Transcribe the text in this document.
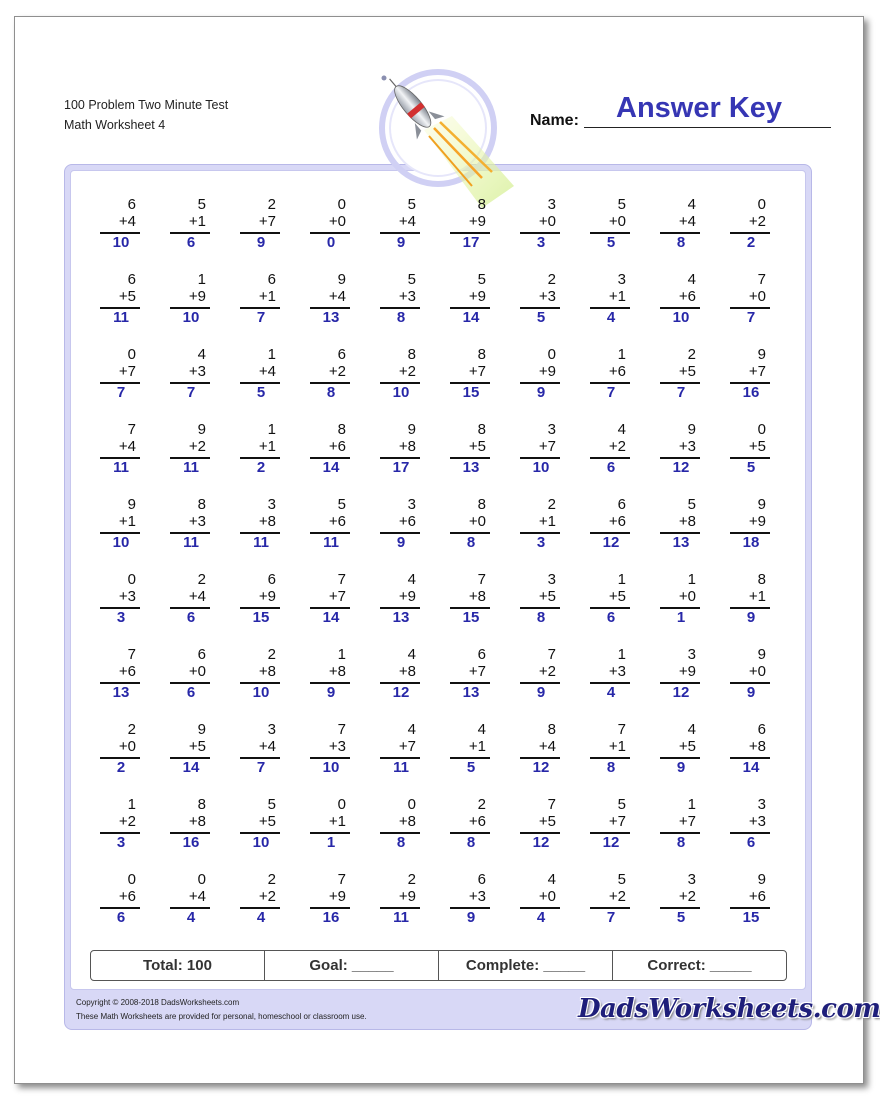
100 Problem Two Minute Test
Math Worksheet 4	Name: Answer Key
6
+4
10
5
+1
6
2
+7
9
0
+0
0
5
+4
9
8
+9
17
3
+0
3
5
+0
5
4
+4
8
0
+2
2
6
+5
11
1
+9
10
6
+1
7
9
+4
13
5
+3
8
5
+9
14
2
+3
5
3
+1
4
4
+6
10
7
+0
7
0
+7
7
4
+3
7
1
+4
5
6
+2
8
8
+2
10
8
+7
15
0
+9
9
1
+6
7
2
+5
7
9
+7
16
7
+4
11
9
+2
11
1
+1
2
8
+6
14
9
+8
17
8
+5
13
3
+7
10
4
+2
6
9
+3
12
0
+5
5
9
+1
10
8
+3
11
3
+8
11
5
+6
11
3
+6
9
8
+0
8
2
+1
3
6
+6
12
5
+8
13
9
+9
18
0
+3
3
2
+4
6
6
+9
15
7
+7
14
4
+9
13
7
+8
15
3
+5
8
1
+5
6
1
+0
1
8
+1
9
7
+6
13
6
+0
6
2
+8
10
1
+8
9
4
+8
12
6
+7
13
7
+2
9
1
+3
4
3
+9
12
9
+0
9
2
+0
2
9
+5
14
3
+4
7
7
+3
10
4
+7
11
4
+1
5
8
+4
12
7
+1
8
4
+5
9
6
+8
14
1
+2
3
8
+8
16
5
+5
10
0
+1
1
0
+8
8
2
+6
8
7
+5
12
5
+7
12
1
+7
8
3
+3
6
0
+6
6
0
+4
4
2
+2
4
7
+9
16
2
+9
11
6
+3
9
4
+0
4
5
+2
7
3
+2
5
9
+6
15
Total: 100	Goal: _____	Complete: _____	Correct: _____
Copyright © 2008-2018 DadsWorksheets.com
These Math Worksheets are provided for personal, homeschool or classroom use.	DadsWorksheets.com
